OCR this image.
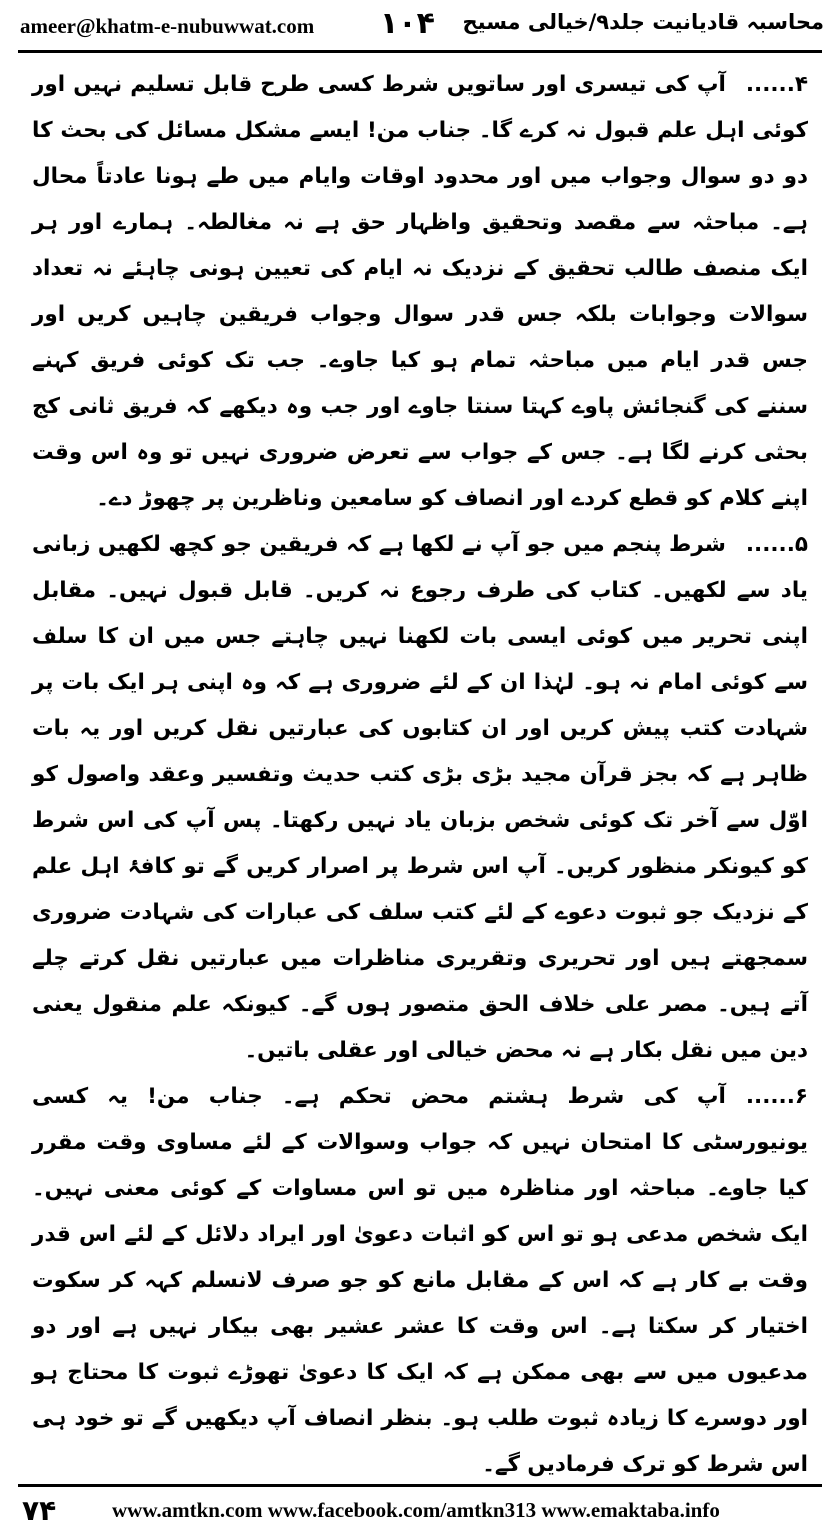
ameer@khatm-e-nubuwwat.com ۱۰۴ محاسبہ قادیانیت جلد۹/خیالی مسیح

۴......آپ کی تیسری اور ساتویں شرط کسی طرح قابل تسلیم نہیں اور کوئی اہل علم قبول نہ کرے گا۔ جناب من! ایسے مشکل مسائل کی بحث کا دو دو سوال وجواب میں اور محدود اوقات وایام میں طے ہونا عادتاً محال ہے۔ مباحثہ سے مقصد وتحقیق واظہار حق ہے نہ مغالطہ۔ ہمارے اور ہر ایک منصف طالب تحقیق کے نزدیک نہ ایام کی تعیین ہونی چاہئے نہ تعداد سوالات وجوابات بلکہ جس قدر سوال وجواب فریقین چاہیں کریں اور جس قدر ایام میں مباحثہ تمام ہو کیا جاوے۔ جب تک کوئی فریق کہنے سننے کی گنجائش پاوے کہتا سنتا جاوے اور جب وہ دیکھے کہ فریق ثانی کج بحثی کرنے لگا ہے۔ جس کے جواب سے تعرض ضروری نہیں تو وہ اس وقت اپنے کلام کو قطع کردے اور انصاف کو سامعین وناظرین پر چھوڑ دے۔

۵......شرط پنجم میں جو آپ نے لکھا ہے کہ فریقین جو کچھ لکھیں زبانی یاد سے لکھیں۔ کتاب کی طرف رجوع نہ کریں۔ قابل قبول نہیں۔ مقابل اپنی تحریر میں کوئی ایسی بات لکھنا نہیں چاہتے جس میں ان کا سلف سے کوئی امام نہ ہو۔ لہٰذا ان کے لئے ضروری ہے کہ وہ اپنی ہر ایک بات پر شہادت کتب پیش کریں اور ان کتابوں کی عبارتیں نقل کریں اور یہ بات ظاہر ہے کہ بجز قرآن مجید بڑی بڑی کتب حدیث وتفسیر وعقد واصول کو اوّل سے آخر تک کوئی شخص بزبان یاد نہیں رکھتا۔ پس آپ کی اس شرط کو کیونکر منظور کریں۔ آپ اس شرط پر اصرار کریں گے تو کافۂ اہل علم کے نزدیک جو ثبوت دعوے کے لئے کتب سلف کی عبارات کی شہادت ضروری سمجھتے ہیں اور تحریری وتقریری مناظرات میں عبارتیں نقل کرتے چلے آتے ہیں۔ مصر علی خلاف الحق متصور ہوں گے۔ کیونکہ علم منقول یعنی دین میں نقل بکار ہے نہ محض خیالی اور عقلی باتیں۔

۶......آپ کی شرط ہشتم محض تحکم ہے۔ جناب من! یہ کسی یونیورسٹی کا امتحان نہیں کہ جواب وسوالات کے لئے مساوی وقت مقرر کیا جاوے۔ مباحثہ اور مناظرہ میں تو اس مساوات کے کوئی معنی نہیں۔ ایک شخص مدعی ہو تو اس کو اثبات دعویٰ اور ایراد دلائل کے لئے اس قدر وقت بے کار ہے کہ اس کے مقابل مانع کو جو صرف لانسلم کہہ کر سکوت اختیار کر سکتا ہے۔ اس وقت کا عشر عشیر بھی بیکار نہیں ہے اور دو مدعیوں میں سے بھی ممکن ہے کہ ایک کا دعویٰ تھوڑے ثبوت کا محتاج ہو اور دوسرے کا زیادہ ثبوت طلب ہو۔ بنظر انصاف آپ دیکھیں گے تو خود ہی اس شرط کو ترک فرمادیں گے۔

۷۴	www.amtkn.com www.facebook.com/amtkn313 www.emaktaba.info
